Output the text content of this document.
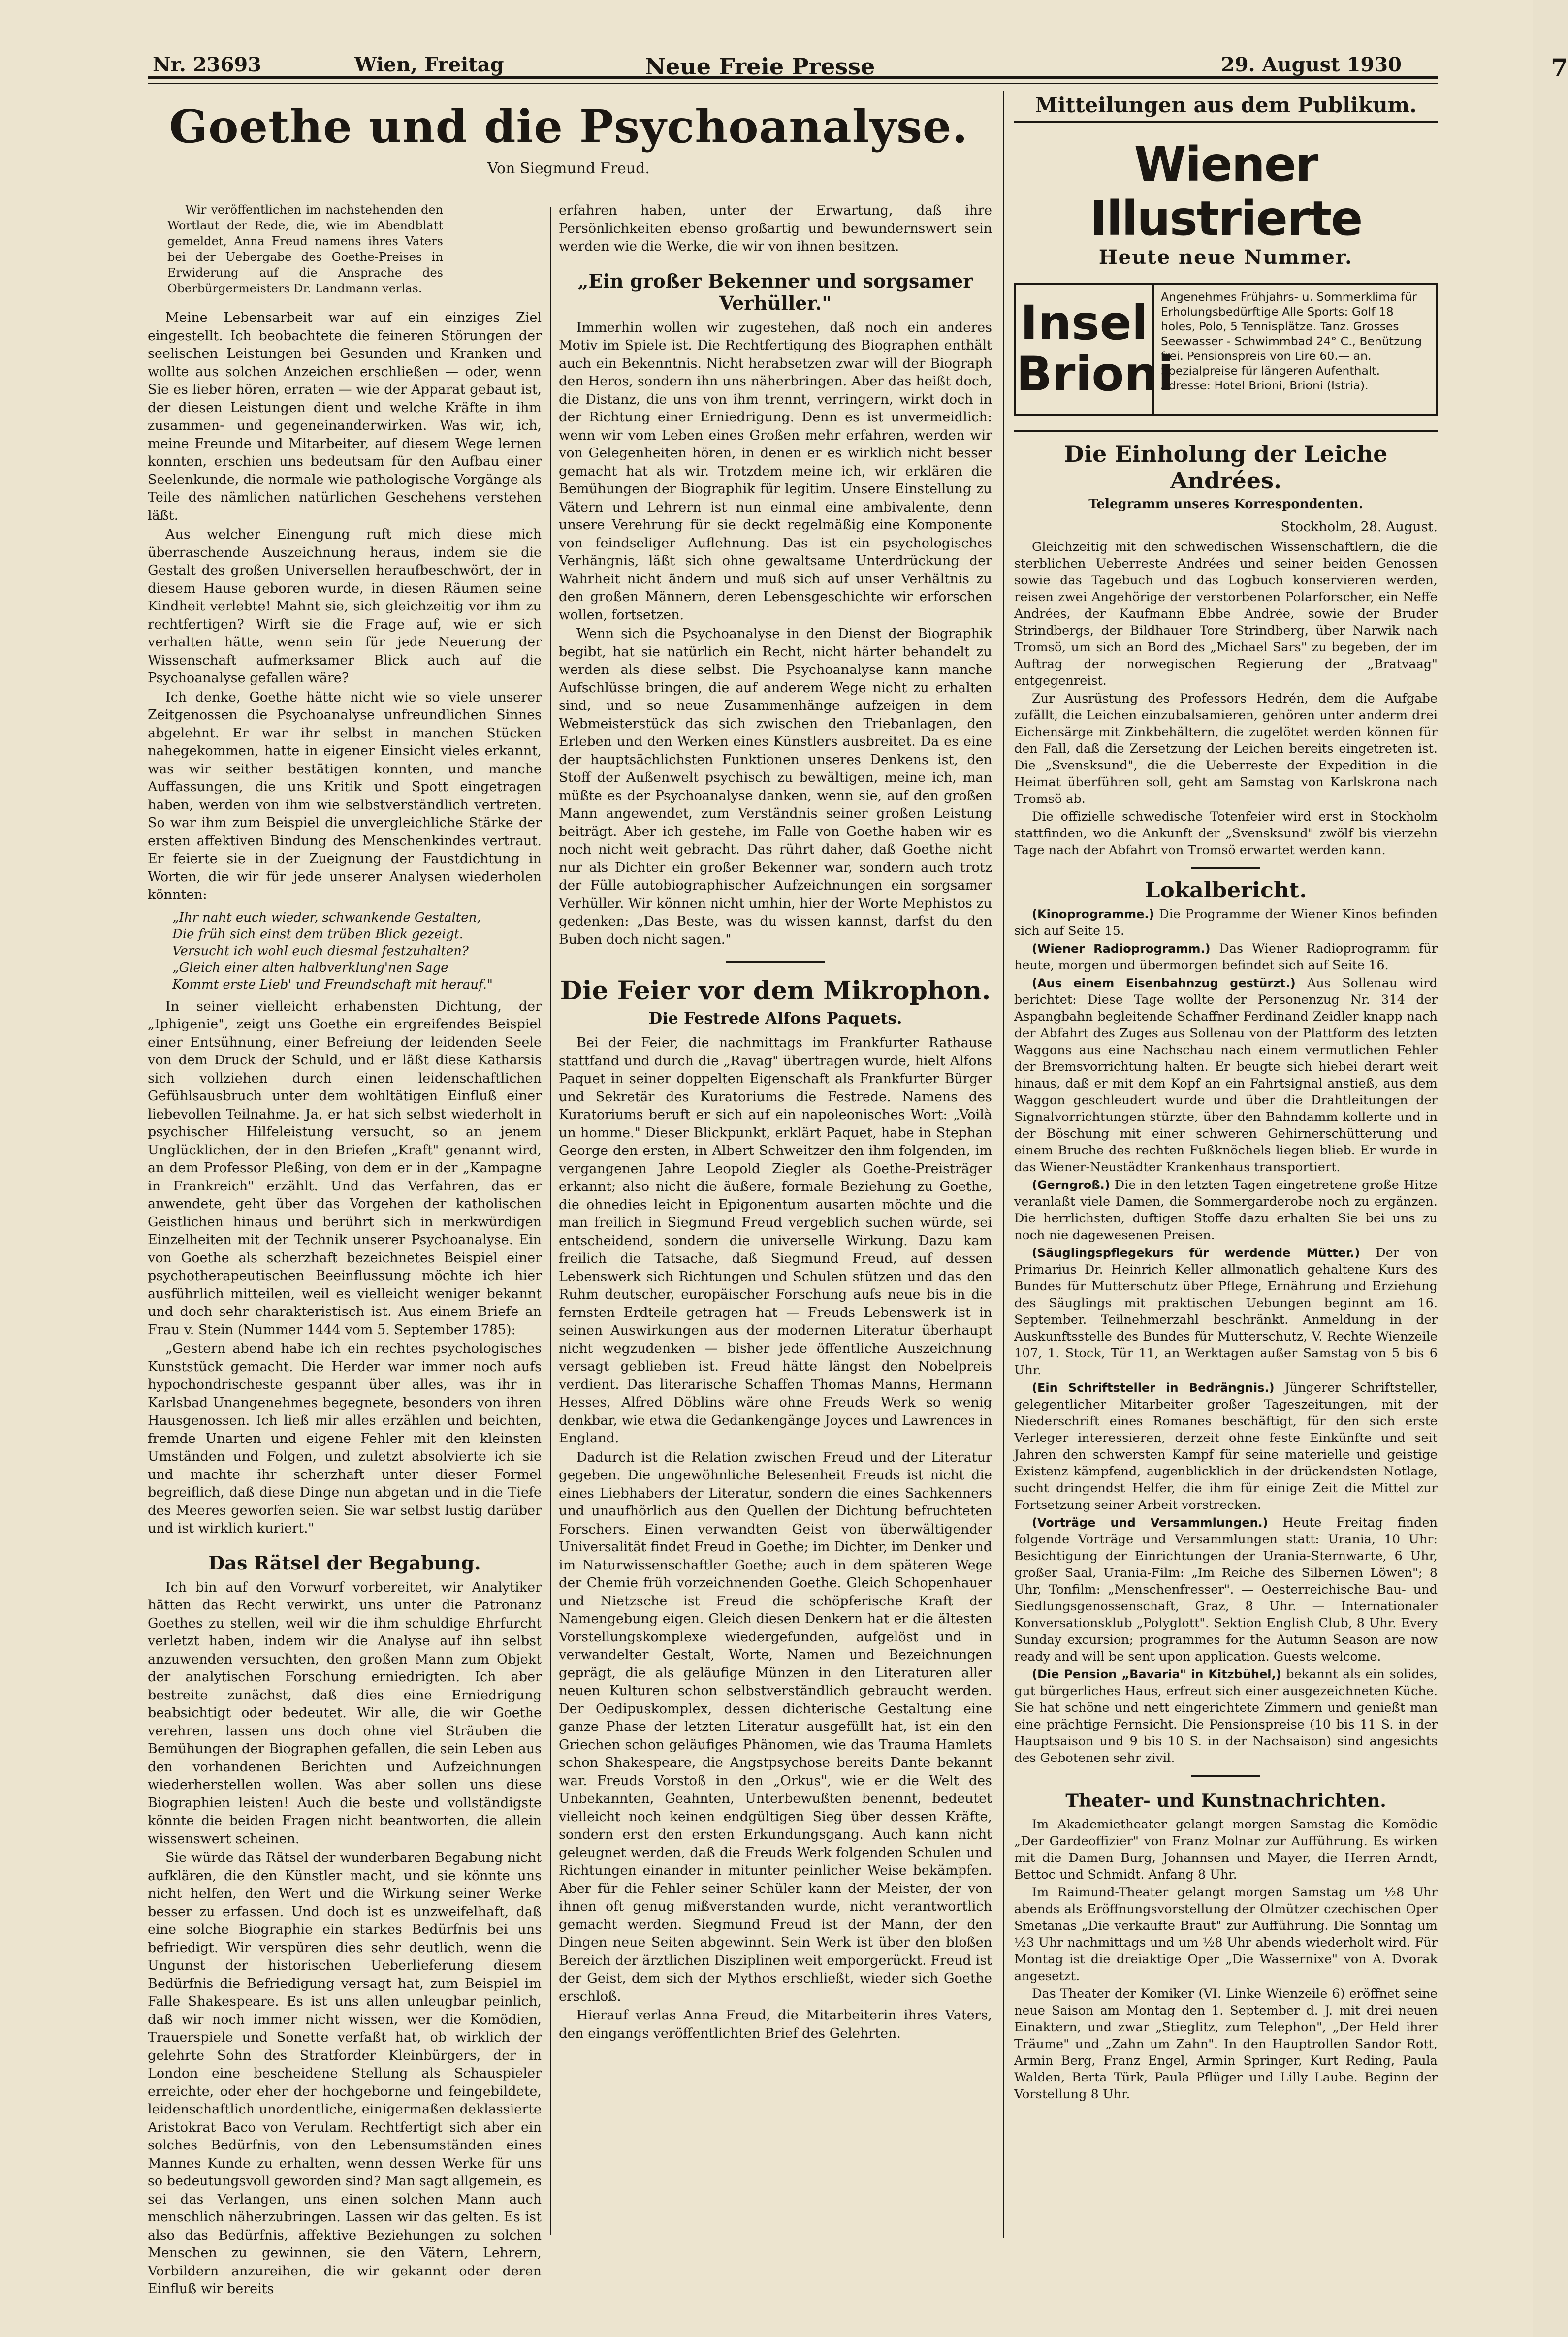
Nr. 23693	Wien, Freitag	Neue Freie Presse	29. August 1930	7
Goethe und die Psychoanalyse.
Von Siegmund Freud.

Wir veröffentlichen im nachstehenden den Wortlaut der Rede, die, wie im Abendblatt gemeldet, Anna Freud namens ihres Vaters bei der Uebergabe des Goethe-Preises in Erwiderung auf die Ansprache des Oberbürgermeisters Dr. Landmann verlas.

Meine Lebensarbeit war auf ein einziges Ziel eingestellt. Ich beobachtete die feineren Störungen der seelischen Leistungen bei Gesunden und Kranken und wollte aus solchen Anzeichen erschließen — oder, wenn Sie es lieber hören, erraten — wie der Apparat gebaut ist, der diesen Leistungen dient und welche Kräfte in ihm zusammen- und gegeneinanderwirken. Was wir, ich, meine Freunde und Mitarbeiter, auf diesem Wege lernen konnten, erschien uns bedeutsam für den Aufbau einer Seelenkunde, die normale wie pathologische Vorgänge als Teile des nämlichen natürlichen Geschehens verstehen läßt.

Aus welcher Einengung ruft mich diese mich überraschende Auszeichnung heraus, indem sie die Gestalt des großen Universellen heraufbeschwört, der in diesem Hause geboren wurde, in diesen Räumen seine Kindheit verlebte! Mahnt sie, sich gleichzeitig vor ihm zu rechtfertigen? Wirft sie die Frage auf, wie er sich verhalten hätte, wenn sein für jede Neuerung der Wissenschaft aufmerksamer Blick auch auf die Psychoanalyse gefallen wäre?

Ich denke, Goethe hätte nicht wie so viele unserer Zeitgenossen die Psychoanalyse unfreundlichen Sinnes abgelehnt. Er war ihr selbst in manchen Stücken nahegekommen, hatte in eigener Einsicht vieles erkannt, was wir seither bestätigen konnten, und manche Auffassungen, die uns Kritik und Spott eingetragen haben, werden von ihm wie selbstverständlich vertreten. So war ihm zum Beispiel die unvergleichliche Stärke der ersten affektiven Bindung des Menschenkindes vertraut. Er feierte sie in der Zueignung der Faustdichtung in Worten, die wir für jede unserer Analysen wiederholen könnten:

„Ihr naht euch wieder, schwankende Gestalten,
Die früh sich einst dem trüben Blick gezeigt.
Versucht ich wohl euch diesmal festzuhalten?
„Gleich einer alten halbverklung'nen Sage
Kommt erste Lieb' und Freundschaft mit herauf."

In seiner vielleicht erhabensten Dichtung, der „Iphigenie", zeigt uns Goethe ein ergreifendes Beispiel einer Entsühnung, einer Befreiung der leidenden Seele von dem Druck der Schuld, und er läßt diese Katharsis sich vollziehen durch einen leidenschaftlichen Gefühlsausbruch unter dem wohltätigen Einfluß einer liebevollen Teilnahme. Ja, er hat sich selbst wiederholt in psychischer Hilfeleistung versucht, so an jenem Unglücklichen, der in den Briefen „Kraft" genannt wird, an dem Professor Pleßing, von dem er in der „Kampagne in Frankreich" erzählt. Und das Verfahren, das er anwendete, geht über das Vorgehen der katholischen Geistlichen hinaus und berührt sich in merkwürdigen Einzelheiten mit der Technik unserer Psychoanalyse. Ein von Goethe als scherzhaft bezeichnetes Beispiel einer psychotherapeutischen Beeinflussung möchte ich hier ausführlich mitteilen, weil es vielleicht weniger bekannt und doch sehr charakteristisch ist. Aus einem Briefe an Frau v. Stein (Nummer 1444 vom 5. September 1785):

„Gestern abend habe ich ein rechtes psychologisches Kunststück gemacht. Die Herder war immer noch aufs hypochondrischeste gespannt über alles, was ihr in Karlsbad Unangenehmes begegnete, besonders von ihren Hausgenossen. Ich ließ mir alles erzählen und beichten, fremde Unarten und eigene Fehler mit den kleinsten Umständen und Folgen, und zuletzt absolvierte ich sie und machte ihr scherzhaft unter dieser Formel begreiflich, daß diese Dinge nun abgetan und in die Tiefe des Meeres geworfen seien. Sie war selbst lustig darüber und ist wirklich kuriert."

Das Rätsel der Begabung.

Ich bin auf den Vorwurf vorbereitet, wir Analytiker hätten das Recht verwirkt, uns unter die Patronanz Goethes zu stellen, weil wir die ihm schuldige Ehrfurcht verletzt haben, indem wir die Analyse auf ihn selbst anzuwenden versuchten, den großen Mann zum Objekt der analytischen Forschung erniedrigten. Ich aber bestreite zunächst, daß dies eine Erniedrigung beabsichtigt oder bedeutet. Wir alle, die wir Goethe verehren, lassen uns doch ohne viel Sträuben die Bemühungen der Biographen gefallen, die sein Leben aus den vorhandenen Berichten und Aufzeichnungen wiederherstellen wollen. Was aber sollen uns diese Biographien leisten! Auch die beste und vollständigste könnte die beiden Fragen nicht beantworten, die allein wissenswert scheinen.

Sie würde das Rätsel der wunderbaren Begabung nicht aufklären, die den Künstler macht, und sie könnte uns nicht helfen, den Wert und die Wirkung seiner Werke besser zu erfassen. Und doch ist es unzweifelhaft, daß eine solche Biographie ein starkes Bedürfnis bei uns befriedigt. Wir verspüren dies sehr deutlich, wenn die Ungunst der historischen Ueberlieferung diesem Bedürfnis die Befriedigung versagt hat, zum Beispiel im Falle Shakespeare. Es ist uns allen unleugbar peinlich, daß wir noch immer nicht wissen, wer die Komödien, Trauerspiele und Sonette verfaßt hat, ob wirklich der gelehrte Sohn des Stratforder Kleinbürgers, der in London eine bescheidene Stellung als Schauspieler erreichte, oder eher der hochgeborne und feingebildete, leidenschaftlich unordentliche, einigermaßen deklassierte Aristokrat Baco von Verulam. Rechtfertigt sich aber ein solches Bedürfnis, von den Lebensumständen eines Mannes Kunde zu erhalten, wenn dessen Werke für uns so bedeutungsvoll geworden sind? Man sagt allgemein, es sei das Verlangen, uns einen solchen Mann auch menschlich näherzubringen. Lassen wir das gelten. Es ist also das Bedürfnis, affektive Beziehungen zu solchen Menschen zu gewinnen, sie den Vätern, Lehrern, Vorbildern anzureihen, die wir gekannt oder deren Einfluß wir bereits

erfahren haben, unter der Erwartung, daß ihre Persönlichkeiten ebenso großartig und bewundernswert sein werden wie die Werke, die wir von ihnen besitzen.

„Ein großer Bekenner und sorgsamer Verhüller."

Immerhin wollen wir zugestehen, daß noch ein anderes Motiv im Spiele ist. Die Rechtfertigung des Biographen enthält auch ein Bekenntnis. Nicht herabsetzen zwar will der Biograph den Heros, sondern ihn uns näherbringen. Aber das heißt doch, die Distanz, die uns von ihm trennt, verringern, wirkt doch in der Richtung einer Erniedrigung. Denn es ist unvermeidlich: wenn wir vom Leben eines Großen mehr erfahren, werden wir von Gelegenheiten hören, in denen er es wirklich nicht besser gemacht hat als wir. Trotzdem meine ich, wir erklären die Bemühungen der Biographik für legitim. Unsere Einstellung zu Vätern und Lehrern ist nun einmal eine ambivalente, denn unsere Verehrung für sie deckt regelmäßig eine Komponente von feindseliger Auflehnung. Das ist ein psychologisches Verhängnis, läßt sich ohne gewaltsame Unterdrückung der Wahrheit nicht ändern und muß sich auf unser Verhältnis zu den großen Männern, deren Lebensgeschichte wir erforschen wollen, fortsetzen.

Wenn sich die Psychoanalyse in den Dienst der Biographik begibt, hat sie natürlich ein Recht, nicht härter behandelt zu werden als diese selbst. Die Psychoanalyse kann manche Aufschlüsse bringen, die auf anderem Wege nicht zu erhalten sind, und so neue Zusammenhänge aufzeigen in dem Webmeisterstück das sich zwischen den Triebanlagen, den Erleben und den Werken eines Künstlers ausbreitet. Da es eine der hauptsächlichsten Funktionen unseres Denkens ist, den Stoff der Außenwelt psychisch zu bewältigen, meine ich, man müßte es der Psychoanalyse danken, wenn sie, auf den großen Mann angewendet, zum Verständnis seiner großen Leistung beiträgt. Aber ich gestehe, im Falle von Goethe haben wir es noch nicht weit gebracht. Das rührt daher, daß Goethe nicht nur als Dichter ein großer Bekenner war, sondern auch trotz der Fülle autobiographischer Aufzeichnungen ein sorgsamer Verhüller. Wir können nicht umhin, hier der Worte Mephistos zu gedenken: „Das Beste, was du wissen kannst, darfst du den Buben doch nicht sagen."

Die Feier vor dem Mikrophon.
Die Festrede Alfons Paquets.

Bei der Feier, die nachmittags im Frankfurter Rathause stattfand und durch die „Ravag" übertragen wurde, hielt Alfons Paquet in seiner doppelten Eigenschaft als Frankfurter Bürger und Sekretär des Kuratoriums die Festrede. Namens des Kuratoriums beruft er sich auf ein napoleonisches Wort: „Voilà un homme." Dieser Blickpunkt, erklärt Paquet, habe in Stephan George den ersten, in Albert Schweitzer den ihm folgenden, im vergangenen Jahre Leopold Ziegler als Goethe-Preisträger erkannt; also nicht die äußere, formale Beziehung zu Goethe, die ohnedies leicht in Epigonentum ausarten möchte und die man freilich in Siegmund Freud vergeblich suchen würde, sei entscheidend, sondern die universelle Wirkung. Dazu kam freilich die Tatsache, daß Siegmund Freud, auf dessen Lebenswerk sich Richtungen und Schulen stützen und das den Ruhm deutscher, europäischer Forschung aufs neue bis in die fernsten Erdteile getragen hat — Freuds Lebenswerk ist in seinen Auswirkungen aus der modernen Literatur überhaupt nicht wegzudenken — bisher jede öffentliche Auszeichnung versagt geblieben ist. Freud hätte längst den Nobelpreis verdient. Das literarische Schaffen Thomas Manns, Hermann Hesses, Alfred Döblins wäre ohne Freuds Werk so wenig denkbar, wie etwa die Gedankengänge Joyces und Lawrences in England.

Dadurch ist die Relation zwischen Freud und der Literatur gegeben. Die ungewöhnliche Belesenheit Freuds ist nicht die eines Liebhabers der Literatur, sondern die eines Sachkenners und unaufhörlich aus den Quellen der Dichtung befruchteten Forschers. Einen verwandten Geist von überwältigender Universalität findet Freud in Goethe; im Dichter, im Denker und im Naturwissenschaftler Goethe; auch in dem späteren Wege der Chemie früh vorzeichnenden Goethe. Gleich Schopenhauer und Nietzsche ist Freud die schöpferische Kraft der Namengebung eigen. Gleich diesen Denkern hat er die ältesten Vorstellungskomplexe wiedergefunden, aufgelöst und in verwandelter Gestalt, Worte, Namen und Bezeichnungen geprägt, die als geläufige Münzen in den Literaturen aller neuen Kulturen schon selbstverständlich gebraucht werden. Der Oedipuskomplex, dessen dichterische Gestaltung eine ganze Phase der letzten Literatur ausgefüllt hat, ist ein den Griechen schon geläufiges Phänomen, wie das Trauma Hamlets schon Shakespeare, die Angstpsychose bereits Dante bekannt war. Freuds Vorstoß in den „Orkus", wie er die Welt des Unbekannten, Geahnten, Unterbewußten benennt, bedeutet vielleicht noch keinen endgültigen Sieg über dessen Kräfte, sondern erst den ersten Erkundungsgang. Auch kann nicht geleugnet werden, daß die Freuds Werk folgenden Schulen und Richtungen einander in mitunter peinlicher Weise bekämpfen. Aber für die Fehler seiner Schüler kann der Meister, der von ihnen oft genug mißverstanden wurde, nicht verantwortlich gemacht werden. Siegmund Freud ist der Mann, der den Dingen neue Seiten abgewinnt. Sein Werk ist über den bloßen Bereich der ärztlichen Disziplinen weit emporgerückt. Freud ist der Geist, dem sich der Mythos erschließt, wieder sich Goethe erschloß.

Hierauf verlas Anna Freud, die Mitarbeiterin ihres Vaters, den eingangs veröffentlichten Brief des Gelehrten.

Mitteilungen aus dem Publikum.
Wiener Illustrierte
Heute neue Nummer.
Insel
Brioni
Angenehmes Frühjahrs- u. Sommerklima für Erholungsbedürftige Alle Sports: Golf 18 holes, Polo, 5 Tennisplätze. Tanz. Grosses Seewasser - Schwimmbad 24° C., Benützung frei. Pensionspreis von Lire 60.— an. Spezialpreise für längeren Aufenthalt. Adresse: Hotel Brioni, Brioni (Istria).
Die Einholung der Leiche Andrées.
Telegramm unseres Korrespondenten.

Stockholm, 28. August.

Gleichzeitig mit den schwedischen Wissenschaftlern, die die sterblichen Ueberreste Andrées und seiner beiden Genossen sowie das Tagebuch und das Logbuch konservieren werden, reisen zwei Angehörige der verstorbenen Polarforscher, ein Neffe Andrées, der Kaufmann Ebbe Andrée, sowie der Bruder Strindbergs, der Bildhauer Tore Strindberg, über Narwik nach Tromsö, um sich an Bord des „Michael Sars" zu begeben, der im Auftrag der norwegischen Regierung der „Bratvaag" entgegenreist.

Zur Ausrüstung des Professors Hedrén, dem die Aufgabe zufällt, die Leichen einzubalsamieren, gehören unter anderm drei Eichensärge mit Zinkbehältern, die zugelötet werden können für den Fall, daß die Zersetzung der Leichen bereits eingetreten ist. Die „Svensksund", die die Ueberreste der Expedition in die Heimat überführen soll, geht am Samstag von Karlskrona nach Tromsö ab.

Die offizielle schwedische Totenfeier wird erst in Stockholm stattfinden, wo die Ankunft der „Svensksund" zwölf bis vierzehn Tage nach der Abfahrt von Tromsö erwartet werden kann.

Lokalbericht.

(Kinoprogramme.) Die Programme der Wiener Kinos befinden sich auf Seite 15.

(Wiener Radioprogramm.) Das Wiener Radioprogramm für heute, morgen und übermorgen befindet sich auf Seite 16.

(Aus einem Eisenbahnzug gestürzt.) Aus Sollenau wird berichtet: Diese Tage wollte der Personenzug Nr. 314 der Aspangbahn begleitende Schaffner Ferdinand Zeidler knapp nach der Abfahrt des Zuges aus Sollenau von der Plattform des letzten Waggons aus eine Nachschau nach einem vermutlichen Fehler der Bremsvorrichtung halten. Er beugte sich hiebei derart weit hinaus, daß er mit dem Kopf an ein Fahrtsignal anstieß, aus dem Waggon geschleudert wurde und über die Drahtleitungen der Signalvorrichtungen stürzte, über den Bahndamm kollerte und in der Böschung mit einer schweren Gehirnerschütterung und einem Bruche des rechten Fußknöchels liegen blieb. Er wurde in das Wiener-Neustädter Krankenhaus transportiert.

(Gerngroß.) Die in den letzten Tagen eingetretene große Hitze veranlaßt viele Damen, die Sommergarderobe noch zu ergänzen. Die herrlichsten, duftigen Stoffe dazu erhalten Sie bei uns zu noch nie dagewesenen Preisen.

(Säuglingspflegekurs für werdende Mütter.) Der von Primarius Dr. Heinrich Keller allmonatlich gehaltene Kurs des Bundes für Mutterschutz über Pflege, Ernährung und Erziehung des Säuglings mit praktischen Uebungen beginnt am 16. September. Teilnehmerzahl beschränkt. Anmeldung in der Auskunftsstelle des Bundes für Mutterschutz, V. Rechte Wienzeile 107, 1. Stock, Tür 11, an Werktagen außer Samstag von 5 bis 6 Uhr.

(Ein Schriftsteller in Bedrängnis.) Jüngerer Schriftsteller, gelegentlicher Mitarbeiter großer Tageszeitungen, mit der Niederschrift eines Romanes beschäftigt, für den sich erste Verleger interessieren, derzeit ohne feste Einkünfte und seit Jahren den schwersten Kampf für seine materielle und geistige Existenz kämpfend, augenblicklich in der drückendsten Notlage, sucht dringendst Helfer, die ihm für einige Zeit die Mittel zur Fortsetzung seiner Arbeit vorstrecken.

(Vorträge und Versammlungen.) Heute Freitag finden folgende Vorträge und Versammlungen statt: Urania, 10 Uhr: Besichtigung der Einrichtungen der Urania-Sternwarte, 6 Uhr, großer Saal, Urania-Film: „Im Reiche des Silbernen Löwen"; 8 Uhr, Tonfilm: „Menschenfresser". — Oesterreichische Bau- und Siedlungsgenossenschaft, Graz, 8 Uhr. — Internationaler Konversationsklub „Polyglott". Sektion English Club, 8 Uhr. Every Sunday excursion; programmes for the Autumn Season are now ready and will be sent upon application. Guests welcome.

(Die Pension „Bavaria" in Kitzbühel,) bekannt als ein solides, gut bürgerliches Haus, erfreut sich einer ausgezeichneten Küche. Sie hat schöne und nett eingerichtete Zimmern und genießt man eine prächtige Fernsicht. Die Pensionspreise (10 bis 11 S. in der Hauptsaison und 9 bis 10 S. in der Nachsaison) sind angesichts des Gebotenen sehr zivil.

Theater- und Kunstnachrichten.

Im Akademietheater gelangt morgen Samstag die Komödie „Der Gardeoffizier" von Franz Molnar zur Aufführung. Es wirken mit die Damen Burg, Johannsen und Mayer, die Herren Arndt, Bettoc und Schmidt. Anfang 8 Uhr.

Im Raimund-Theater gelangt morgen Samstag um ½8 Uhr abends als Eröffnungsvorstellung der Olmützer czechischen Oper Smetanas „Die verkaufte Braut" zur Aufführung. Die Sonntag um ½3 Uhr nachmittags und um ½8 Uhr abends wiederholt wird. Für Montag ist die dreiaktige Oper „Die Wassernixe" von A. Dvorak angesetzt.

Das Theater der Komiker (VI. Linke Wienzeile 6) eröffnet seine neue Saison am Montag den 1. September d. J. mit drei neuen Einaktern, und zwar „Stieglitz, zum Telephon", „Der Held ihrer Träume" und „Zahn um Zahn". In den Hauptrollen Sandor Rott, Armin Berg, Franz Engel, Armin Springer, Kurt Reding, Paula Walden, Berta Türk, Paula Pflüger und Lilly Laube. Beginn der Vorstellung 8 Uhr.
